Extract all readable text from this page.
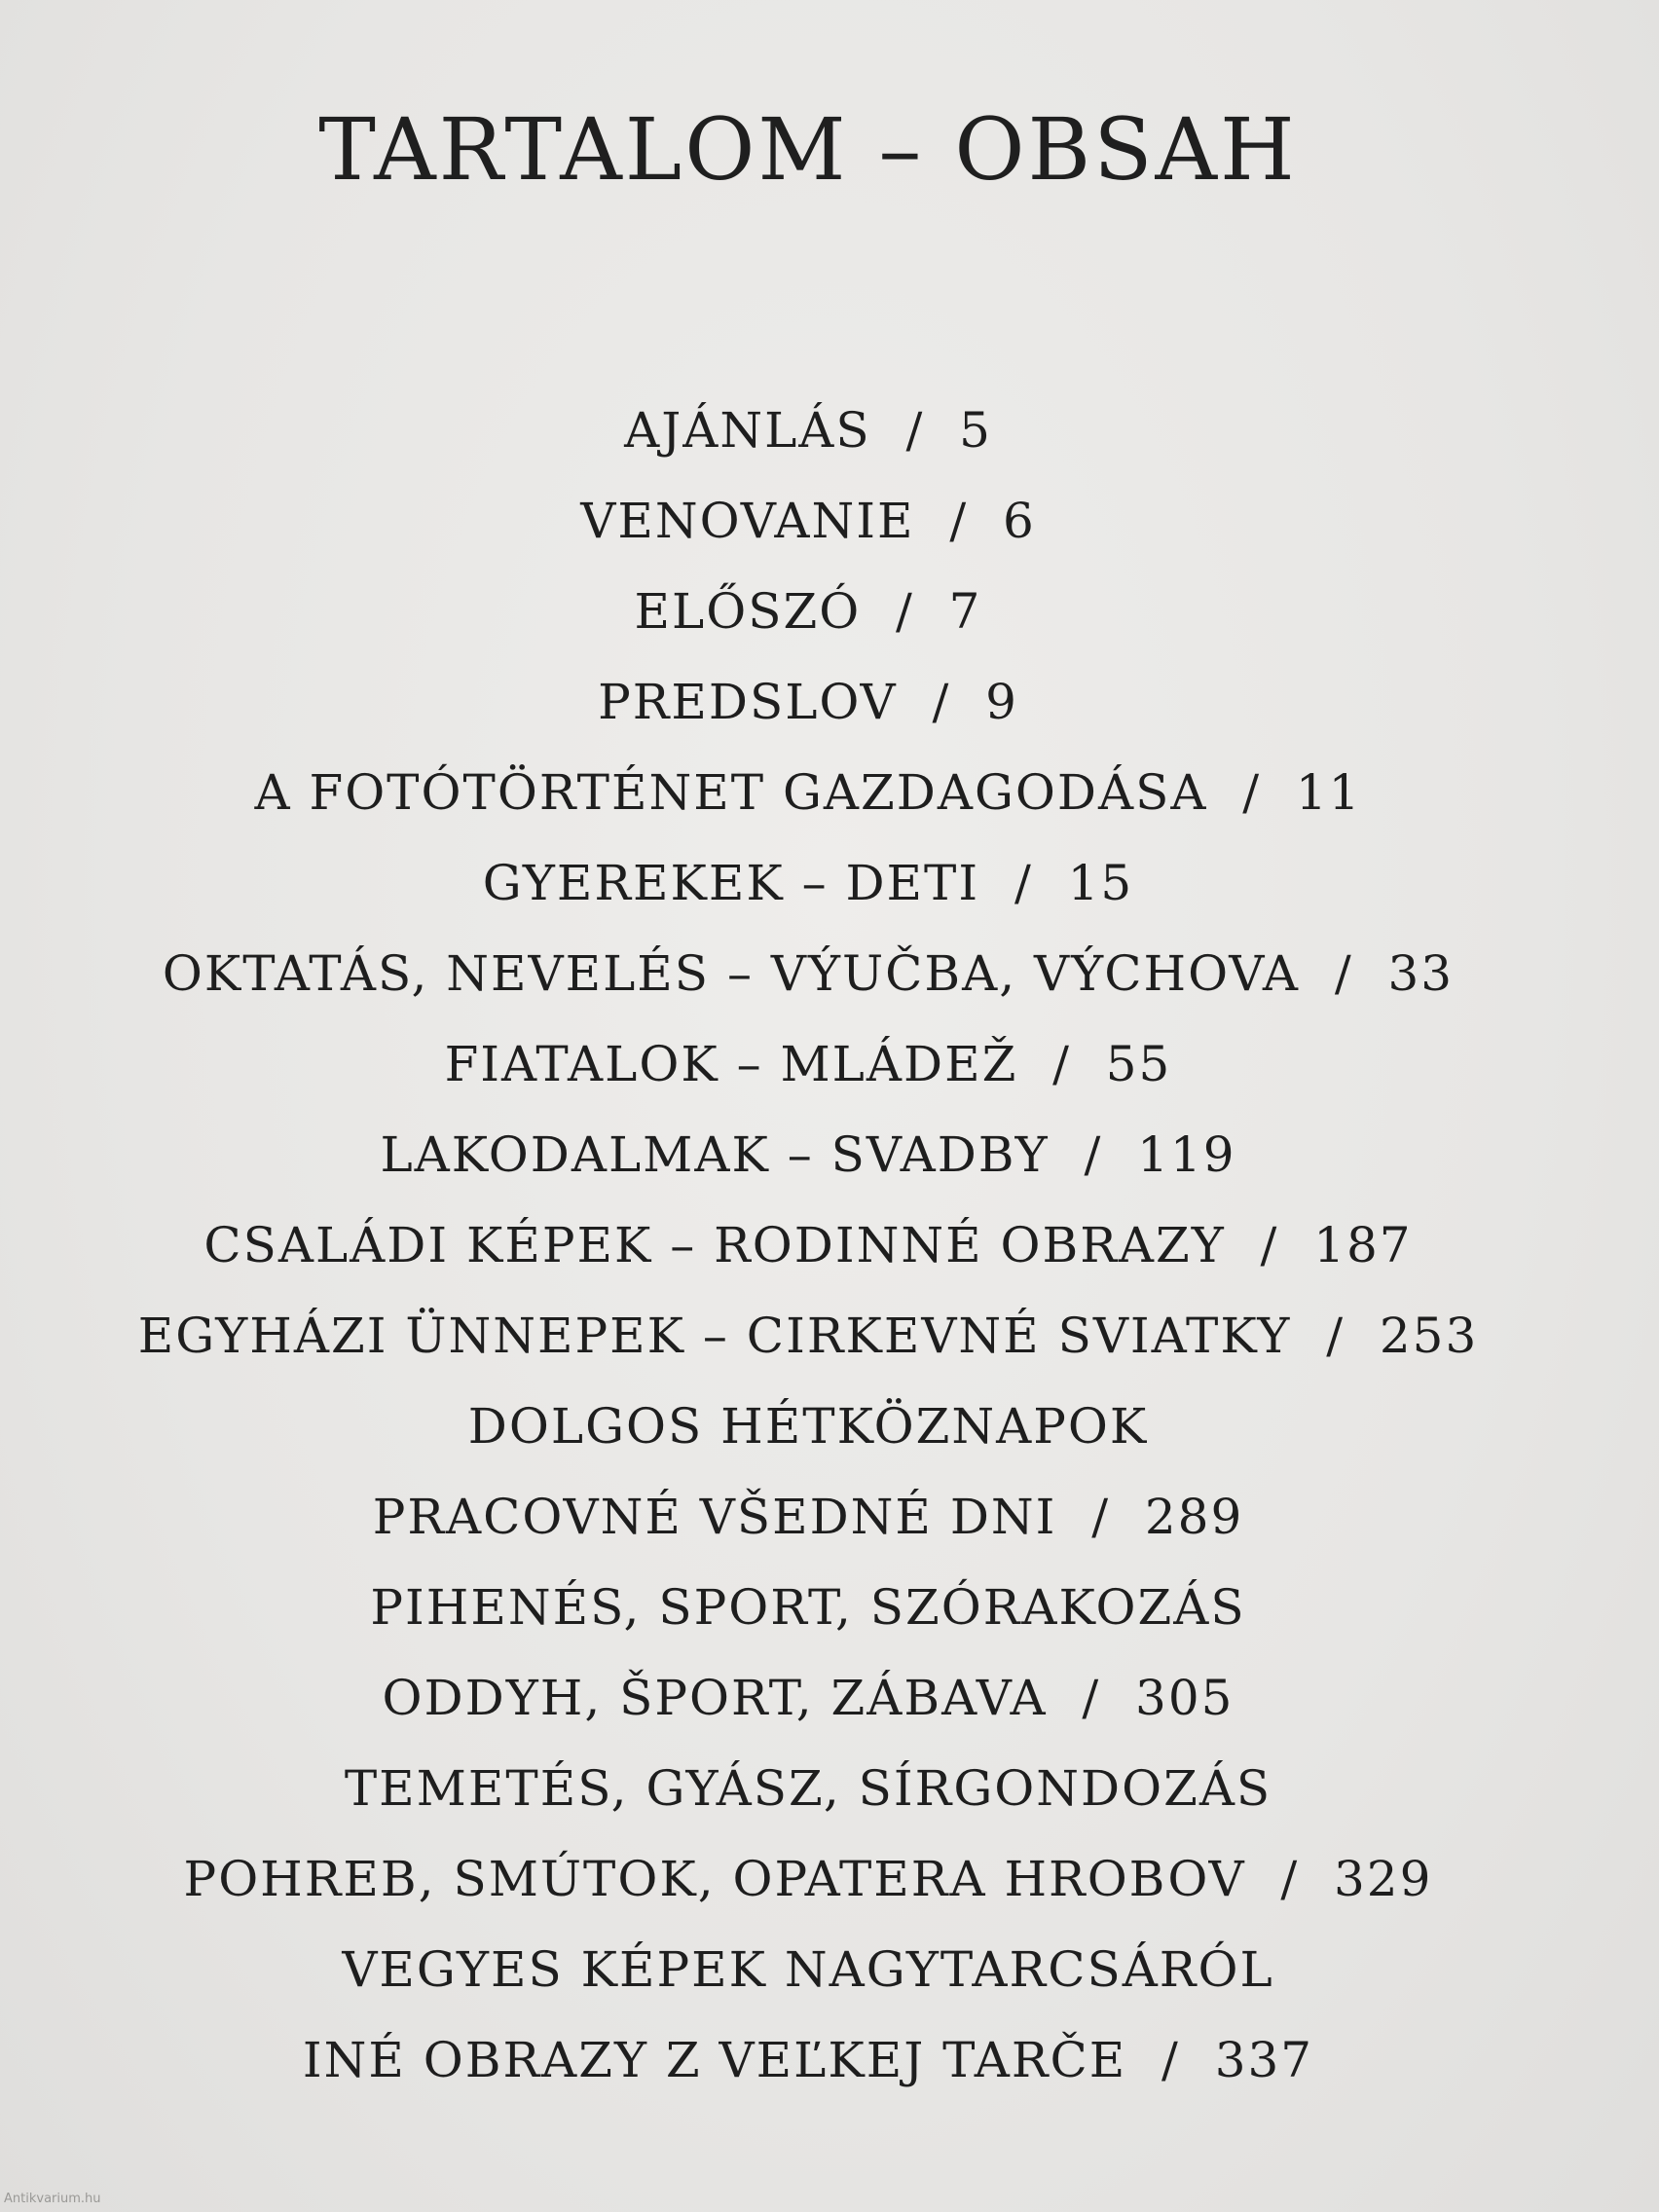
TARTALOM – OBSAH
AJÁNLÁS  /  5
VENOVANIE  /  6
ELŐSZÓ  /  7
PREDSLOV  /  9
A FOTÓTÖRTÉNET GAZDAGODÁSA  /  11
GYEREKEK – DETI  /  15
OKTATÁS, NEVELÉS – VÝUČBA, VÝCHOVA  /  33
FIATALOK – MLÁDEŽ  /  55
LAKODALMAK – SVADBY  /  119
CSALÁDI KÉPEK – RODINNÉ OBRAZY  /  187
EGYHÁZI ÜNNEPEK – CIRKEVNÉ SVIATKY  /  253
DOLGOS HÉTKÖZNAPOK
PRACOVNÉ VŠEDNÉ DNI  /  289
PIHENÉS, SPORT, SZÓRAKOZÁS
ODDYH, ŠPORT, ZÁBAVA  /  305
TEMETÉS, GYÁSZ, SÍRGONDOZÁS
POHREB, SMÚTOK, OPATERA HROBOV  /  329
VEGYES KÉPEK NAGYTARCSÁRÓL
INÉ OBRAZY Z VEĽKEJ TARČE  /  337
Antikvarium.hu
